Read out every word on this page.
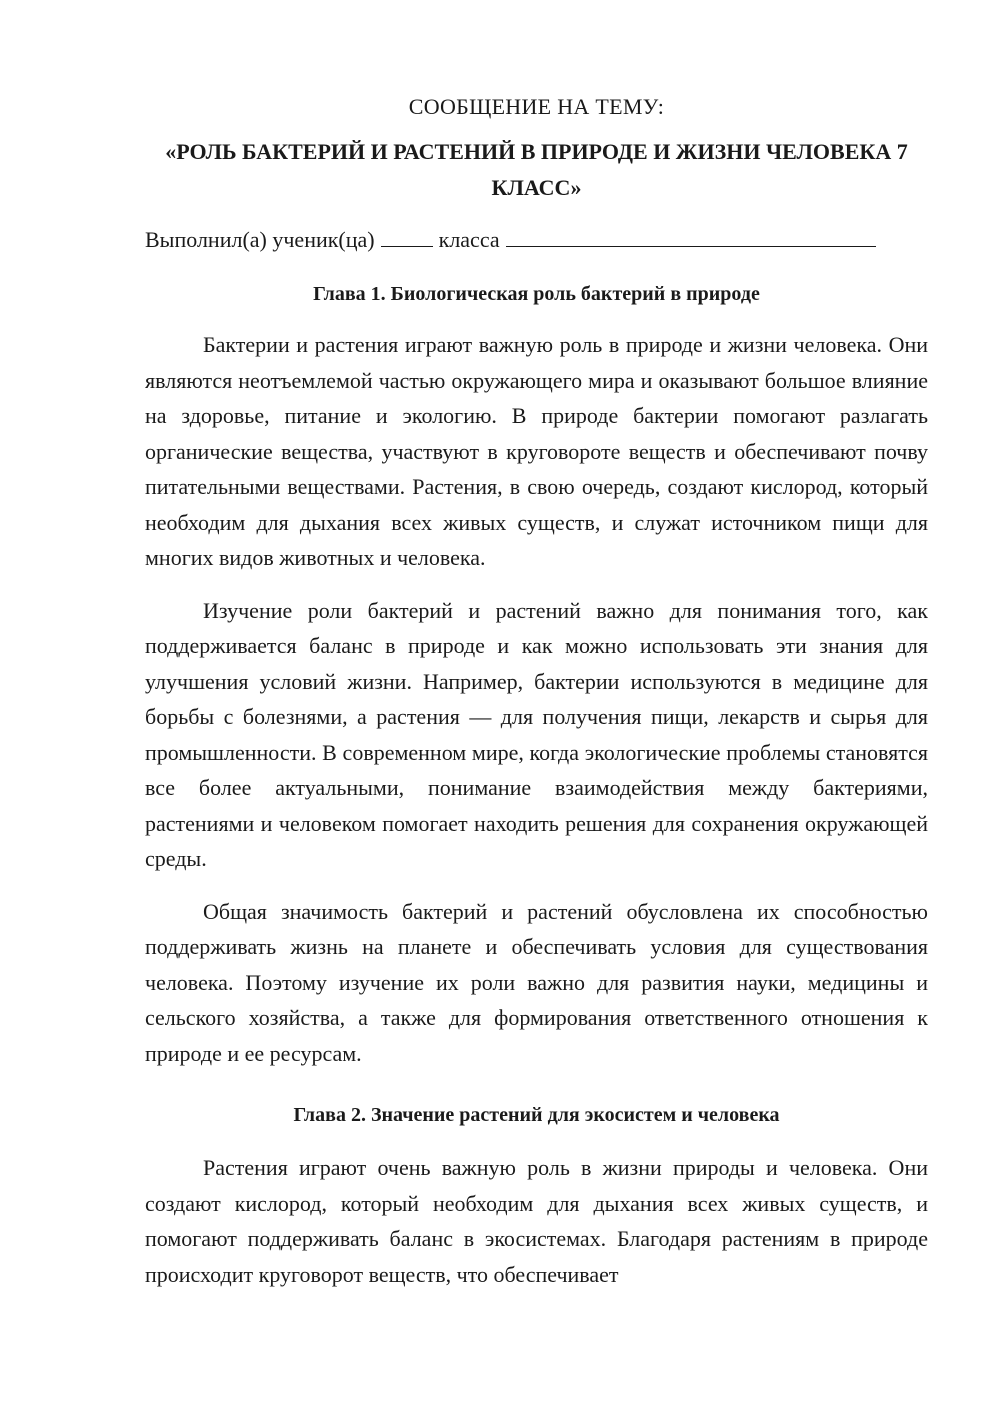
СООБЩЕНИЕ НА ТЕМУ:
«РОЛЬ БАКТЕРИЙ И РАСТЕНИЙ В ПРИРОДЕ И ЖИЗНИ ЧЕЛОВЕКА 7 КЛАСС»
Выполнил(а) ученик(ца)	класса
Глава 1. Биологическая роль бактерий в природе

Бактерии и растения играют важную роль в природе и жизни человека. Они являются неотъемлемой частью окружающего мира и оказывают большое влияние на здоровье, питание и экологию. В природе бактерии помогают разлагать органические вещества, участвуют в круговороте веществ и обеспечивают почву питательными веществами. Растения, в свою очередь, создают кислород, который необходим для дыхания всех живых существ, и служат источником пищи для многих видов животных и человека.

Изучение роли бактерий и растений важно для понимания того, как поддерживается баланс в природе и как можно использовать эти знания для улучшения условий жизни. Например, бактерии используются в медицине для борьбы с болезнями, а растения — для получения пищи, лекарств и сырья для промышленности. В современном мире, когда экологические проблемы становятся все более актуальными, понимание взаимодействия между бактериями, растениями и человеком помогает находить решения для сохранения окружающей среды.

Общая значимость бактерий и растений обусловлена их способностью поддерживать жизнь на планете и обеспечивать условия для существования человека. Поэтому изучение их роли важно для развития науки, медицины и сельского хозяйства, а также для формирования ответственного отношения к природе и ее ресурсам.

Глава 2. Значение растений для экосистем и человека

Растения играют очень важную роль в жизни природы и человека. Они создают кислород, который необходим для дыхания всех живых существ, и помогают поддерживать баланс в экосистемах. Благодаря растениям в природе происходит круговорот веществ, что обеспечивает
